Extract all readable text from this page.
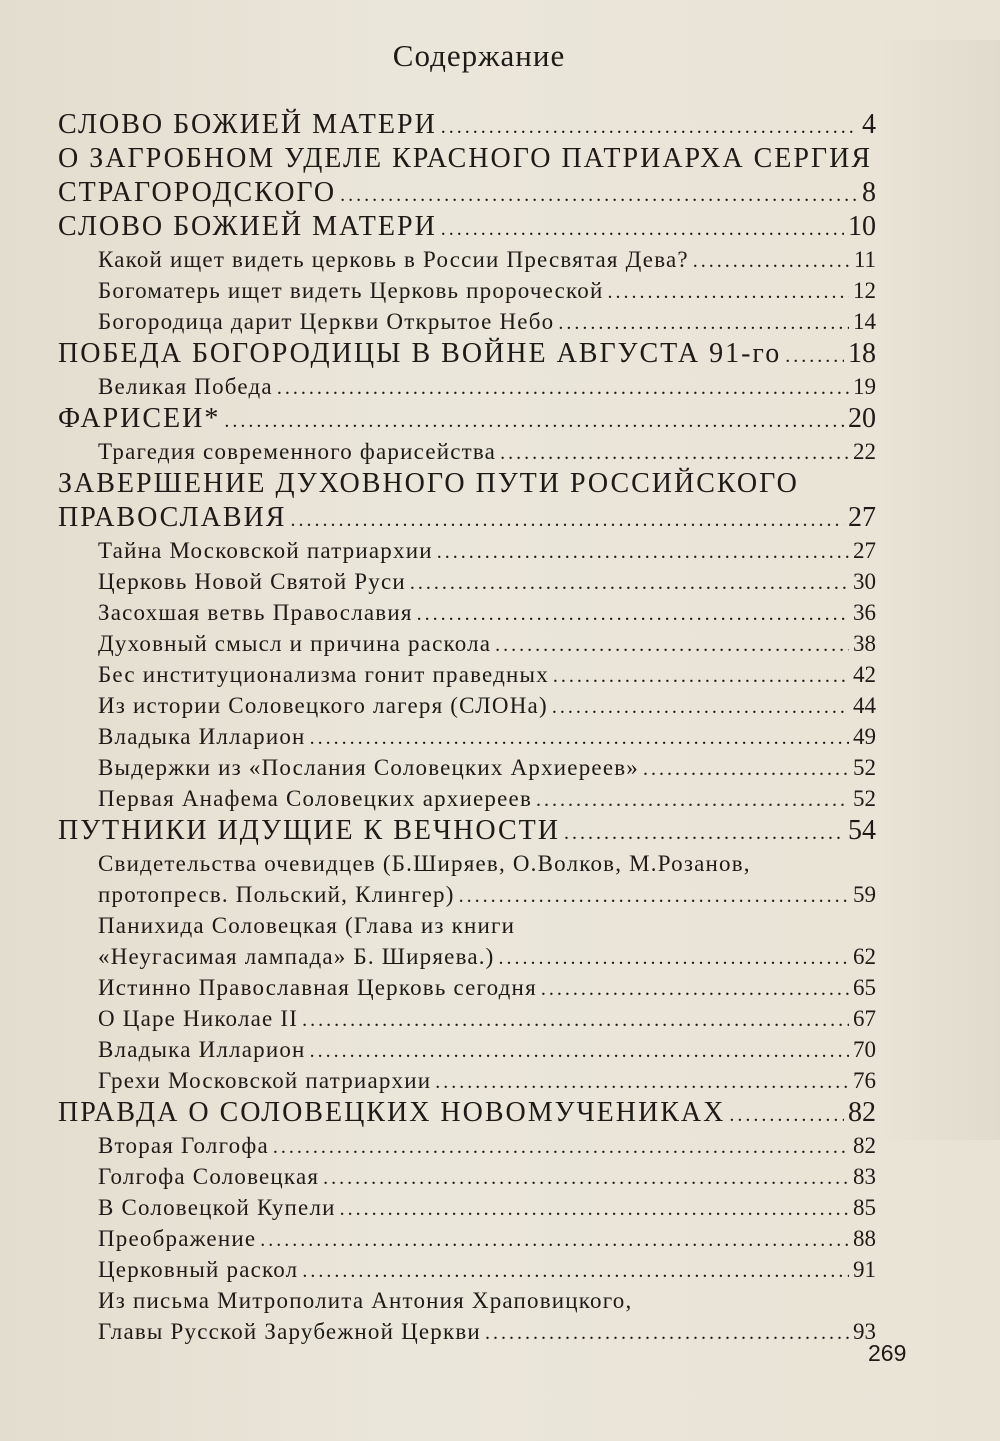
Содержание
СЛОВО БОЖИЕЙ МАТЕРИ .....	4
О ЗАГРОБНОМ УДЕЛЕ КРАСНОГО ПАТРИАРХА СЕРГИЯ
СТРАГОРОДСКОГО .....	8
СЛОВО БОЖИЕЙ МАТЕРИ .....	10
Какой ищет видеть церковь в России Пресвятая Дева? .....	11
Богоматерь ищет видеть Церковь пророческой .....	12
Богородица дарит Церкви Открытое Небо .....	14
ПОБЕДА БОГОРОДИЦЫ В ВОЙНЕ АВГУСТА 91-го ..... 18
Великая Победа .....	19
ФАРИСЕИ* .....	20
Трагедия современного фарисейства .....	22
ЗАВЕРШЕНИЕ ДУХОВНОГО ПУТИ РОССИЙСКОГО
ПРАВОСЛАВИЯ .....	27
Тайна Московской патриархии .....	27
Церковь Новой Святой Руси .....	30
Засохшая ветвь Православия .....	36
Духовный смысл и причина раскола .....	38
Бес институционализма гонит праведных .....	42
Из истории Соловецкого лагеря (СЛОНа) .....	44
Владыка Илларион .....	49
Выдержки из «Послания Соловецких Архиереев» .....	52
Первая Анафема Соловецких архиереев .....	52
ПУТНИКИ ИДУЩИЕ К ВЕЧНОСТИ .....	54
Свидетельства очевидцев (Б.Ширяев, О.Волков, М.Розанов,
протопресв. Польский, Клингер) .....	59
Панихида Соловецкая (Глава из книги
«Неугасимая лампада» Б. Ширяева.) .....	62
Истинно Православная Церковь сегодня .....	65
О Царе Николае II .....	67
Владыка Илларион .....	70
Грехи Московской патриархии .....	76
ПРАВДА О СОЛОВЕЦКИХ НОВОМУЧЕНИКАХ .....	82
Вторая Голгофа .....	82
Голгофа Соловецкая .....	83
В Соловецкой Купели .....	85
Преображение .....	88
Церковный раскол .....	91
Из письма Митрополита Антония Храповицкого,
Главы Русской Зарубежной Церкви .....	93
269
